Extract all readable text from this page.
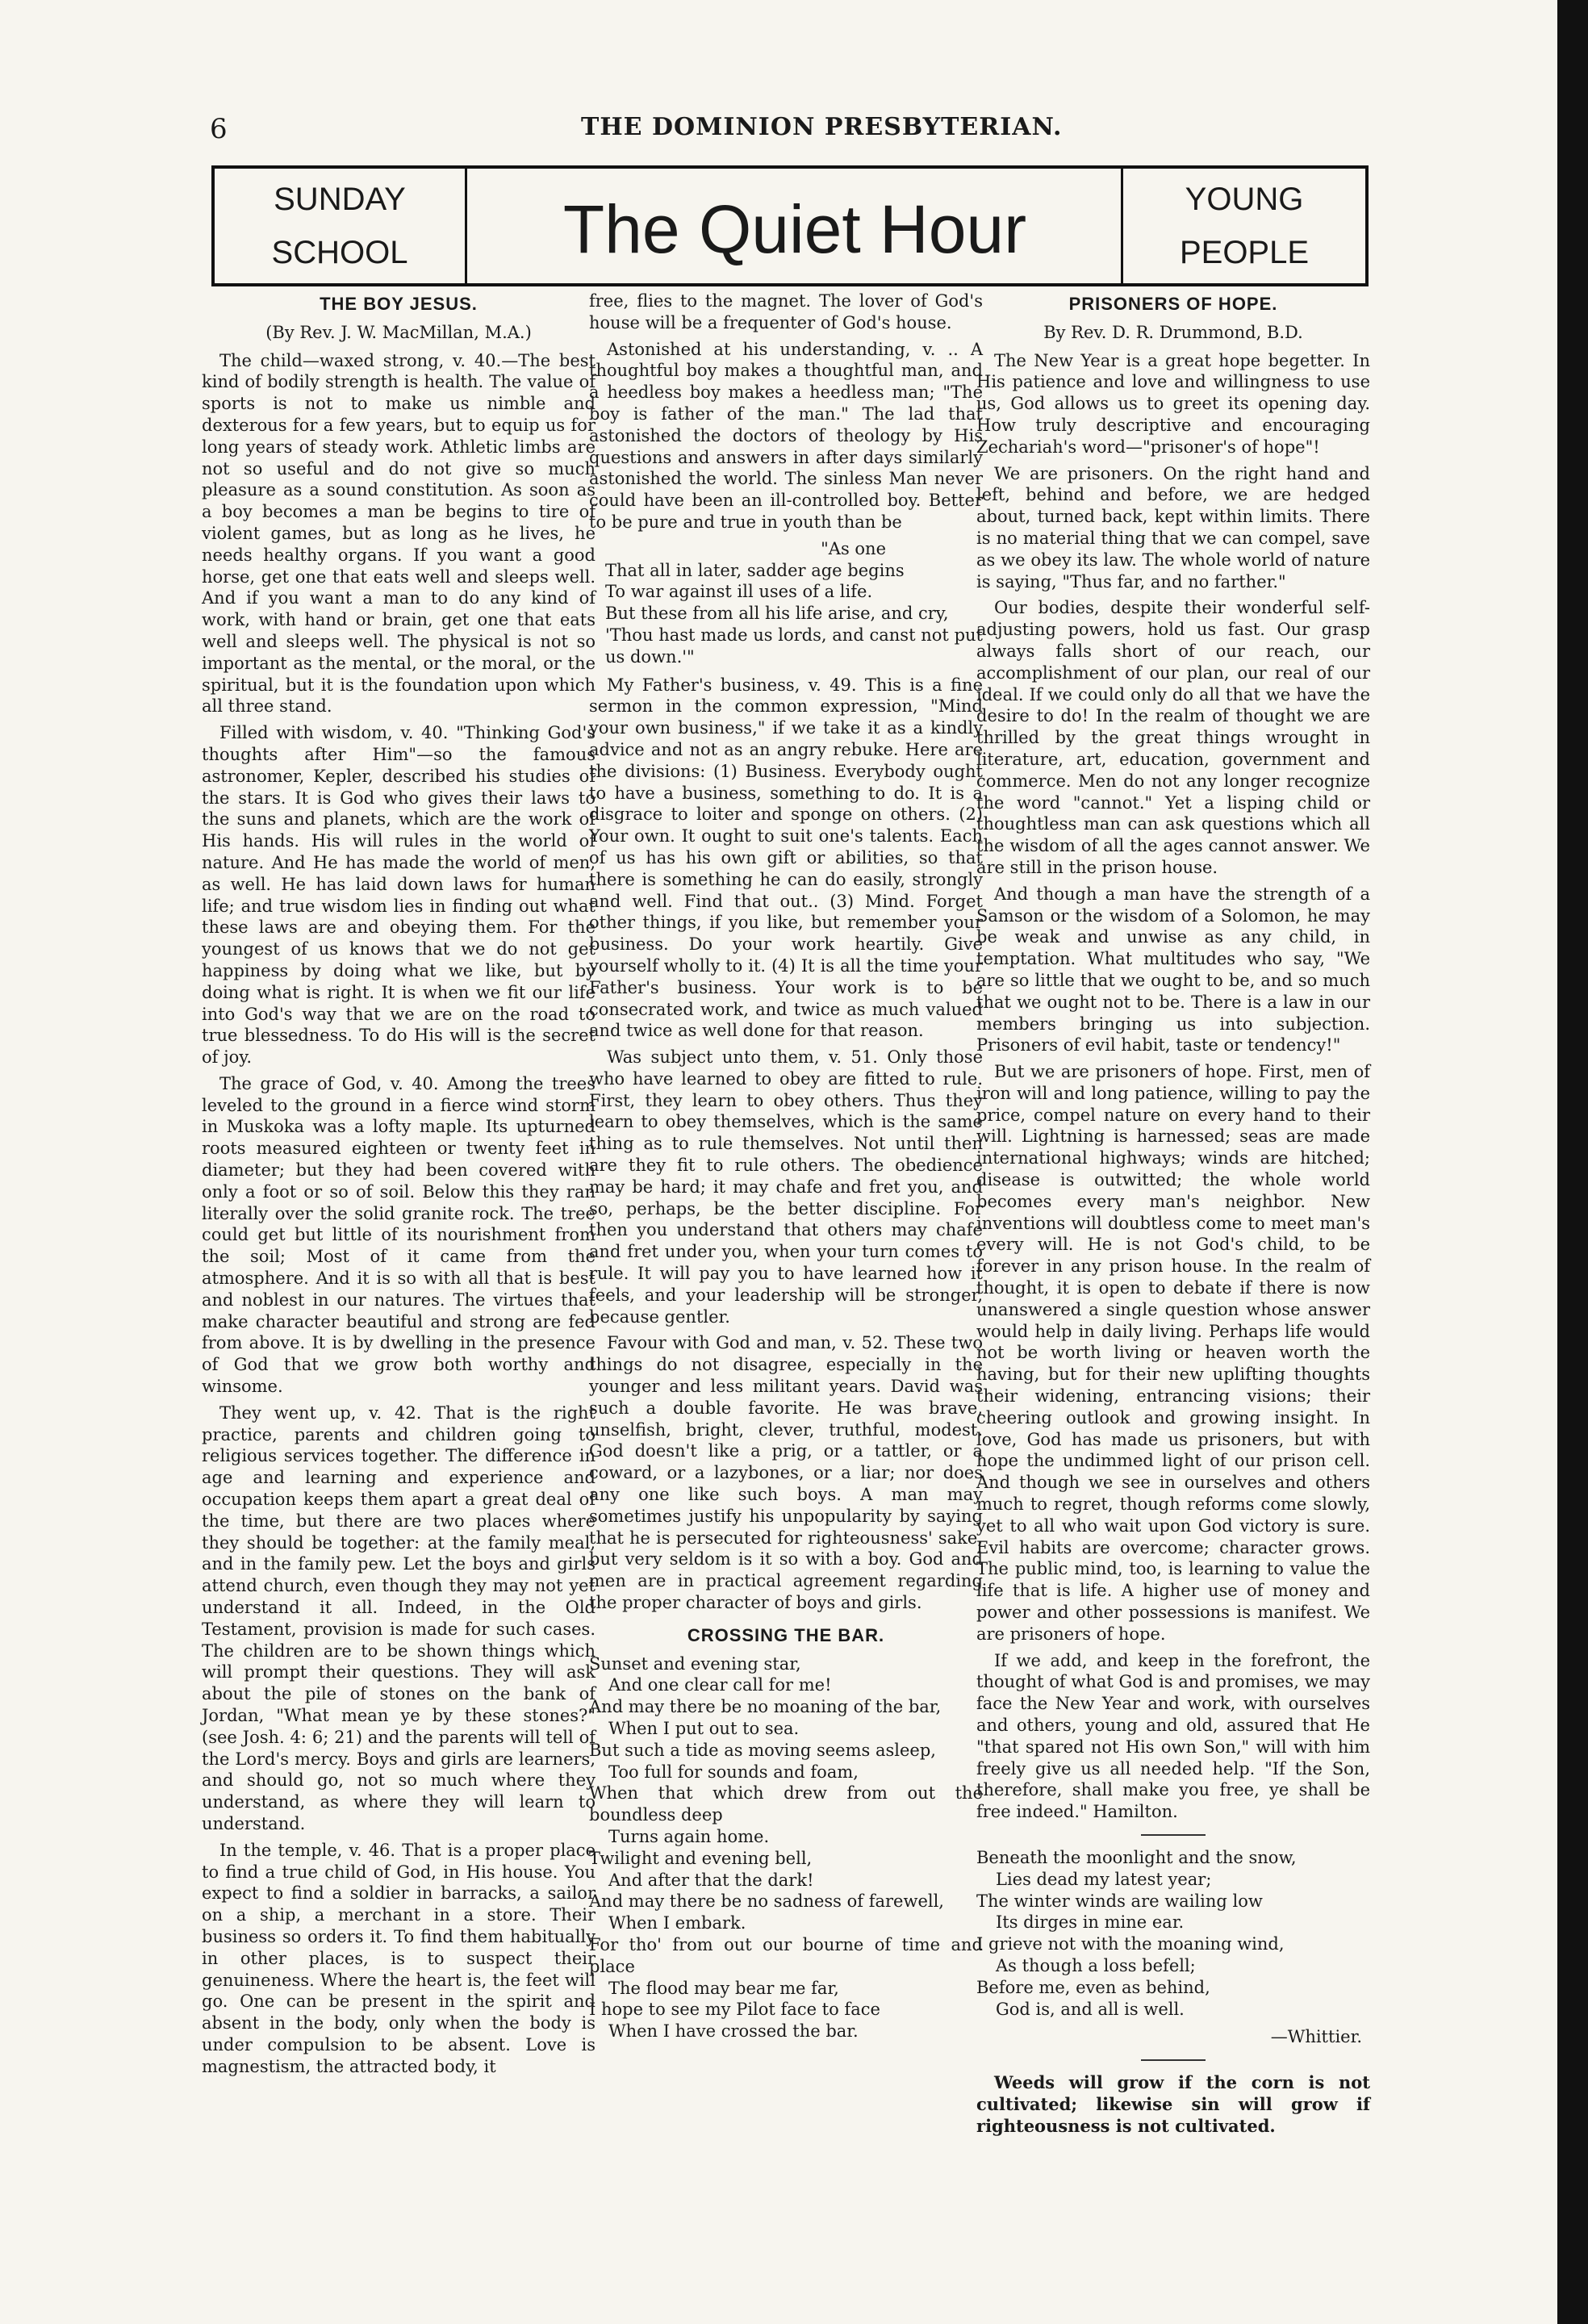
6	THE DOMINION PRESBYTERIAN.
SUNDAY
SCHOOL	The Quiet Hour	YOUNG
PEOPLE
THE BOY JESUS.
(By Rev. J. W. MacMillan, M.A.)

The child—waxed strong, v. 40.—The best kind of bodily strength is health. The value of sports is not to make us nimble and dexterous for a few years, but to equip us for long years of steady work. Athletic limbs are not so useful and do not give so much pleasure as a sound constitution. As soon as a boy becomes a man be begins to tire of violent games, but as long as he lives, he needs healthy organs. If you want a good horse, get one that eats well and sleeps well. And if you want a man to do any kind of work, with hand or brain, get one that eats well and sleeps well. The physical is not so important as the mental, or the moral, or the spiritual, but it is the foundation upon which all three stand.

Filled with wisdom, v. 40. "Thinking God's thoughts after Him"—so the famous astronomer, Kepler, described his studies of the stars. It is God who gives their laws to the suns and planets, which are the work of His hands. His will rules in the world of nature. And He has made the world of men, as well. He has laid down laws for human life; and true wisdom lies in finding out what these laws are and obeying them. For the youngest of us knows that we do not get happiness by doing what we like, but by doing what is right. It is when we fit our life into God's way that we are on the road to true blessedness. To do His will is the secret of joy.

The grace of God, v. 40. Among the trees leveled to the ground in a fierce wind storm in Muskoka was a lofty maple. Its upturned roots measured eighteen or twenty feet in diameter; but they had been covered with only a foot or so of soil. Below this they ran literally over the solid granite rock. The tree could get but little of its nourishment from the soil; Most of it came from the atmosphere. And it is so with all that is best and noblest in our natures. The virtues that make character beautiful and strong are fed from above. It is by dwelling in the presence of God that we grow both worthy and winsome.

They went up, v. 42. That is the right practice, parents and children going to religious services together. The difference in age and learning and experience and occupation keeps them apart a great deal of the time, but there are two places where they should be together: at the family meal, and in the family pew. Let the boys and girls attend church, even though they may not yet understand it all. Indeed, in the Old Testament, provision is made for such cases. The children are to be shown things which will prompt their questions. They will ask about the pile of stones on the bank of Jordan, "What mean ye by these stones?" (see Josh. 4: 6; 21) and the parents will tell of the Lord's mercy. Boys and girls are learners, and should go, not so much where they understand, as where they will learn to understand.

In the temple, v. 46. That is a proper place to find a true child of God, in His house. You expect to find a soldier in barracks, a sailor on a ship, a merchant in a store. Their business so orders it. To find them habitually in other places, is to suspect their genuineness. Where the heart is, the feet will go. One can be present in the spirit and absent in the body, only when the body is under compulsion to be absent. Love is magnestism, the attracted body, it

free, flies to the magnet. The lover of God's house will be a frequenter of God's house.

Astonished at his understanding, v. .. A thoughtful boy makes a thoughtful man, and a heedless boy makes a heedless man; "The boy is father of the man." The lad that astonished the doctors of theology by His questions and answers in after days similarly astonished the world. The sinless Man never could have been an ill-controlled boy. Better to be pure and true in youth than be

"As one
That all in later, sadder age begins
To war against ill uses of a life.
But these from all his life arise, and cry,
'Thou hast made us lords, and canst not put us down.'"

My Father's business, v. 49. This is a fine sermon in the common expression, "Mind your own business," if we take it as a kindly advice and not as an angry rebuke. Here are the divisions: (1) Business. Everybody ought to have a business, something to do. It is a disgrace to loiter and sponge on others. (2) Your own. It ought to suit one's talents. Each of us has his own gift or abilities, so that there is something he can do easily, strongly and well. Find that out.. (3) Mind. Forget other things, if you like, but remember your business. Do your work heartily. Give yourself wholly to it. (4) It is all the time your Father's business. Your work is to be consecrated work, and twice as much valued and twice as well done for that reason.

Was subject unto them, v. 51. Only those who have learned to obey are fitted to rule. First, they learn to obey others. Thus they learn to obey themselves, which is the same thing as to rule themselves. Not until then are they fit to rule others. The obedience may be hard; it may chafe and fret you, and so, perhaps, be the better discipline. For then you understand that others may chafe and fret under you, when your turn comes to rule. It will pay you to have learned how it feels, and your leadership will be stronger, because gentler.

Favour with God and man, v. 52. These two things do not disagree, especially in the younger and less militant years. David was such a double favorite. He was brave, unselfish, bright, clever, truthful, modest. God doesn't like a prig, or a tattler, or a coward, or a lazybones, or a liar; nor does any one like such boys. A man may sometimes justify his unpopularity by saying that he is persecuted for righteousness' sake, but very seldom is it so with a boy. God and men are in practical agreement regarding the proper character of boys and girls.

CROSSING THE BAR.
Sunset and evening star,
And one clear call for me!
And may there be no moaning of the bar,
When I put out to sea.
But such a tide as moving seems asleep,
Too full for sounds and foam,
When that which drew from out the boundless deep
Turns again home.
Twilight and evening bell,
And after that the dark!
And may there be no sadness of farewell,
When I embark.
For tho' from out our bourne of time and place
The flood may bear me far,
I hope to see my Pilot face to face
When I have crossed the bar.
PRISONERS OF HOPE.
By Rev. D. R. Drummond, B.D.

The New Year is a great hope begetter. In His patience and love and willingness to use us, God allows us to greet its opening day. How truly descriptive and encouraging Zechariah's word—"prisoner's of hope"!

We are prisoners. On the right hand and left, behind and before, we are hedged about, turned back, kept within limits. There is no material thing that we can compel, save as we obey its law. The whole world of nature is saying, "Thus far, and no farther."

Our bodies, despite their wonderful self-adjusting powers, hold us fast. Our grasp always falls short of our reach, our accomplishment of our plan, our real of our ideal. If we could only do all that we have the desire to do! In the realm of thought we are thrilled by the great things wrought in literature, art, education, government and commerce. Men do not any longer recognize the word "cannot." Yet a lisping child or thoughtless man can ask questions which all the wisdom of all the ages cannot answer. We are still in the prison house.

And though a man have the strength of a Samson or the wisdom of a Solomon, he may be weak and unwise as any child, in temptation. What multitudes who say, "We are so little that we ought to be, and so much that we ought not to be. There is a law in our members bringing us into subjection. Prisoners of evil habit, taste or tendency!"

But we are prisoners of hope. First, men of iron will and long patience, willing to pay the price, compel nature on every hand to their will. Lightning is harnessed; seas are made international highways; winds are hitched; disease is outwitted; the whole world becomes every man's neighbor. New inventions will doubtless come to meet man's every will. He is not God's child, to be forever in any prison house. In the realm of thought, it is open to debate if there is now unanswered a single question whose answer would help in daily living. Perhaps life would not be worth living or heaven worth the having, but for their new uplifting thoughts their widening, entrancing visions; their cheering outlook and growing insight. In love, God has made us prisoners, but with hope the undimmed light of our prison cell. And though we see in ourselves and others much to regret, though reforms come slowly, yet to all who wait upon God victory is sure. Evil habits are overcome; character grows. The public mind, too, is learning to value the life that is life. A higher use of money and power and other possessions is manifest. We are prisoners of hope.

If we add, and keep in the forefront, the thought of what God is and promises, we may face the New Year and work, with ourselves and others, young and old, assured that He "that spared not His own Son," will with him freely give us all needed help. "If the Son, therefore, shall make you free, ye shall be free indeed." Hamilton.

Beneath the moonlight and the snow,
Lies dead my latest year;
The winter winds are wailing low
Its dirges in mine ear.
I grieve not with the moaning wind,
As though a loss befell;
Before me, even as behind,
God is, and all is well.
—Whittier.

Weeds will grow if the corn is not cultivated; likewise sin will grow if righteousness is not cultivated.
